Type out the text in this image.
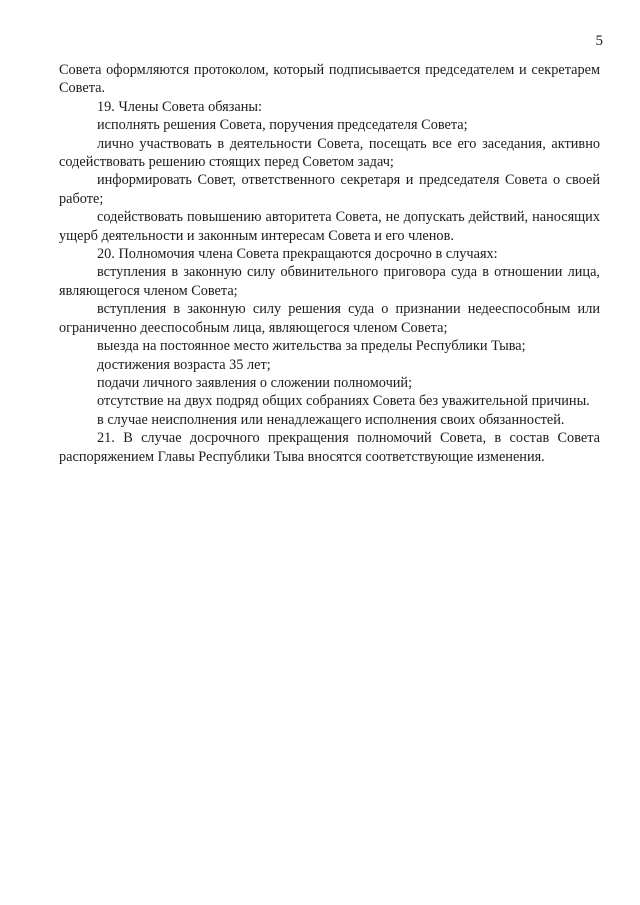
5

Совета оформляются протоколом, который подписывается председателем и секретарем Совета.

19. Члены Совета обязаны:

исполнять решения Совета, поручения председателя Совета;

лично участвовать в деятельности Совета, посещать все его заседания, активно содействовать решению стоящих перед Советом задач;

информировать Совет, ответственного секретаря и председателя Совета о своей работе;

содействовать повышению авторитета Совета, не допускать действий, наносящих ущерб деятельности и законным интересам Совета и его членов.

20. Полномочия члена Совета прекращаются досрочно в случаях:

вступления в законную силу обвинительного приговора суда в отношении лица, являющегося членом Совета;

вступления в законную силу решения суда о признании недееспособным или ограниченно дееспособным лица, являющегося членом Совета;

выезда на постоянное место жительства за пределы Республики Тыва;

достижения возраста 35 лет;

подачи личного заявления о сложении полномочий;

отсутствие на двух подряд общих собраниях Совета без уважительной причины.

в случае неисполнения или ненадлежащего исполнения своих обязанностей.

21. В случае досрочного прекращения полномочий Совета, в состав Совета распоряжением Главы Республики Тыва вносятся соответствующие изменения.
